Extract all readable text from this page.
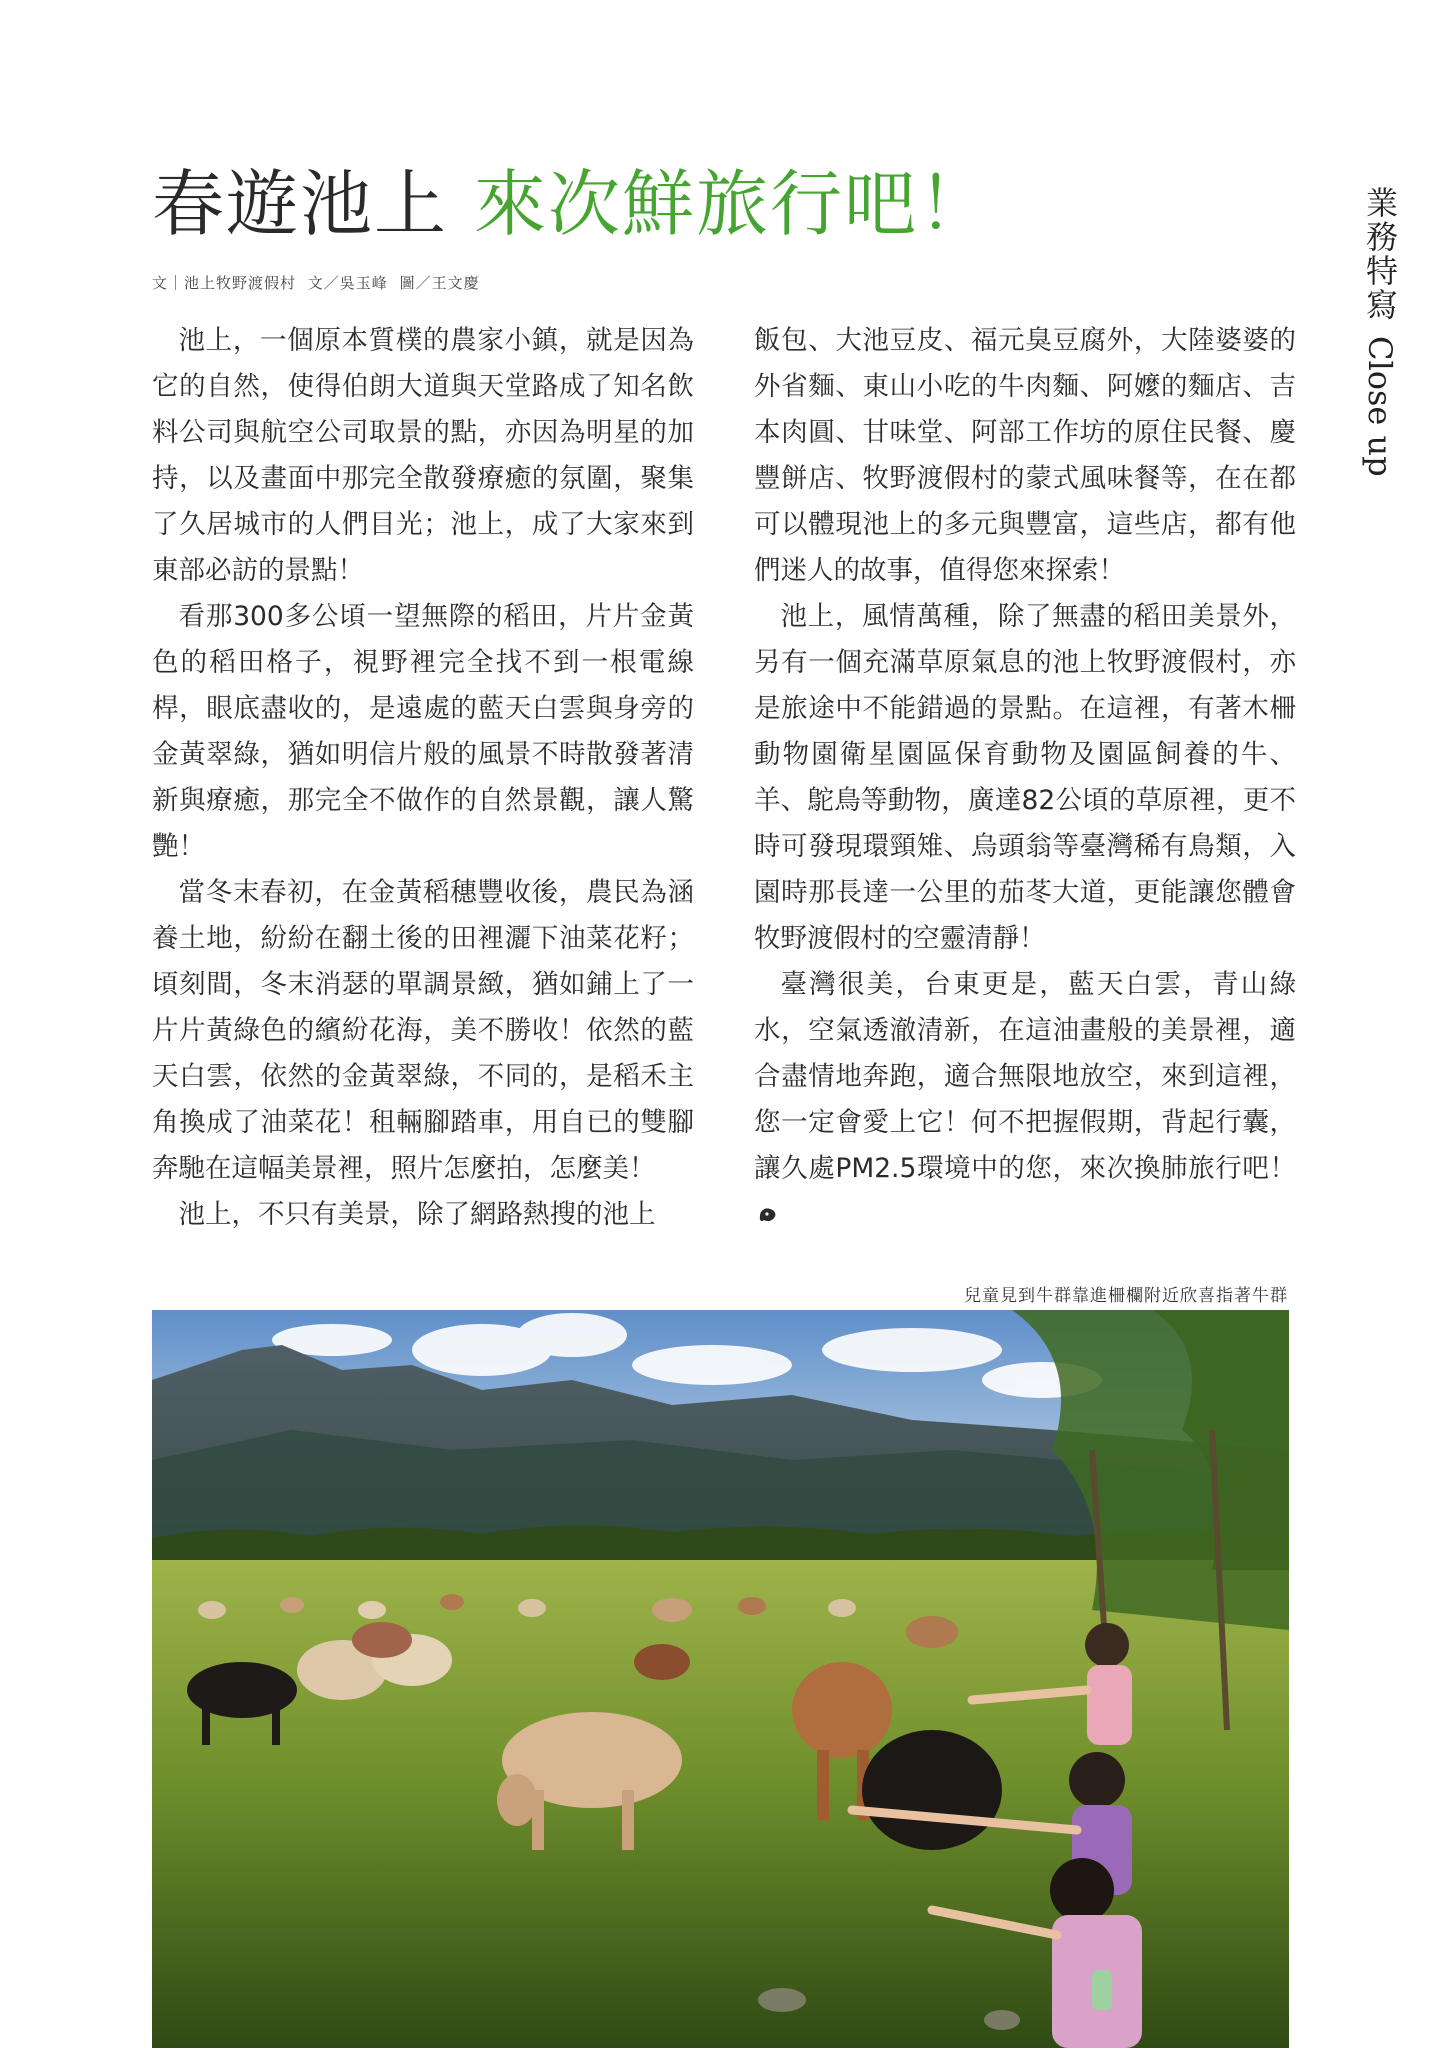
春遊池上 來次鮮旅行吧！
文｜池上牧野渡假村 文／吳玉峰 圖／王文慶	業務特寫
Close up

池上，一個原本質樸的農家小鎮，就是因為它的自然，使得伯朗大道與天堂路成了知名飲料公司與航空公司取景的點，亦因為明星的加持，以及畫面中那完全散發療癒的氛圍，聚集了久居城市的人們目光；池上，成了大家來到東部必訪的景點！

看那300多公頃一望無際的稻田，片片金黃色的稻田格子，視野裡完全找不到一根電線桿，眼底盡收的，是遠處的藍天白雲與身旁的金黃翠綠，猶如明信片般的風景不時散發著清新與療癒，那完全不做作的自然景觀，讓人驚艷！

當冬末春初，在金黃稻穗豐收後，農民為涵養土地，紛紛在翻土後的田裡灑下油菜花籽；頃刻間，冬末消瑟的單調景緻，猶如鋪上了一片片黃綠色的繽紛花海，美不勝收！依然的藍天白雲，依然的金黃翠綠，不同的，是稻禾主角換成了油菜花！租輛腳踏車，用自已的雙腳奔馳在這幅美景裡，照片怎麼拍，怎麼美！

池上，不只有美景，除了網路熱搜的池上

飯包、大池豆皮、福元臭豆腐外，大陸婆婆的外省麵、東山小吃的牛肉麵、阿嬤的麵店、吉本肉圓、甘味堂、阿部工作坊的原住民餐、慶豐餅店、牧野渡假村的蒙式風味餐等，在在都可以體現池上的多元與豐富，這些店，都有他們迷人的故事，值得您來探索！

池上，風情萬種，除了無盡的稻田美景外，另有一個充滿草原氣息的池上牧野渡假村，亦是旅途中不能錯過的景點。在這裡，有著木柵動物園衛星園區保育動物及園區飼養的牛、羊、鴕鳥等動物，廣達82公頃的草原裡，更不時可發現環頸雉、烏頭翁等臺灣稀有鳥類，入園時那長達一公里的茄苳大道，更能讓您體會牧野渡假村的空靈清靜！

臺灣很美，台東更是，藍天白雲，青山綠水，空氣透澈清新，在這油畫般的美景裡，適合盡情地奔跑，適合無限地放空，來到這裡，您一定會愛上它！何不把握假期，背起行囊，讓久處PM2.5環境中的您，來次換肺旅行吧！

兒童見到牛群靠進柵欄附近欣喜指著牛群
